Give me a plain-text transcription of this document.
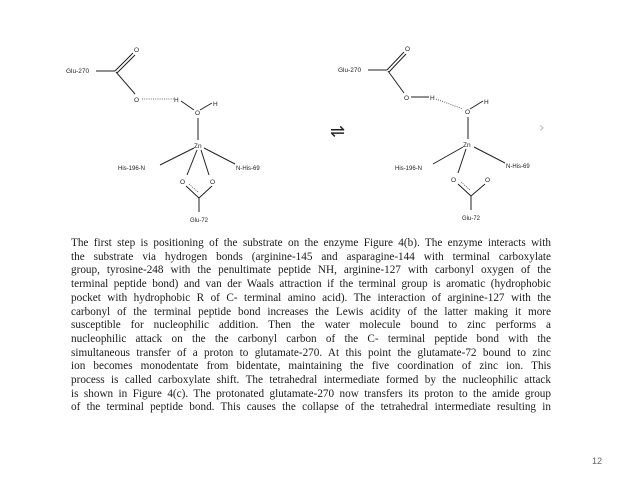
Glu-270
O
O	H
O
H
Zn
His-196-N	N-His-69
O	O
Glu-72
⇌
Glu-270
O
O	H
O
H
Zn
His-196-N	N-His-69
O	O
Glu-72
›
The first step is positioning of the substrate on the enzyme Figure 4(b). The enzyme interacts with
the substrate via hydrogen bonds (arginine-145 and asparagine-144 with terminal carboxylate
group, tyrosine-248 with the penultimate peptide NH, arginine-127 with carbonyl oxygen of the
terminal peptide bond) and van der Waals attraction if the terminal group is aromatic (hydrophobic
pocket with hydrophobic R of C- terminal amino acid). The interaction of arginine-127 with the
carbonyl of the terminal peptide bond increases the Lewis acidity of the latter making it more
susceptible for nucleophilic addition. Then the water molecule bound to zinc performs a
nucleophilic attack on the the carbonyl carbon of the C- terminal peptide bond with the
simultaneous transfer of a proton to glutamate-270. At this point the glutamate-72 bound to zinc
ion becomes monodentate from bidentate, maintaining the five coordination of zinc ion. This
process is called carboxylate shift. The tetrahedral intermediate formed by the nucleophilic attack
is shown in Figure 4(c). The protonated glutamate-270 now transfers its proton to the amide group
of the terminal peptide bond. This causes the collapse of the tetrahedral intermediate resulting in
12
